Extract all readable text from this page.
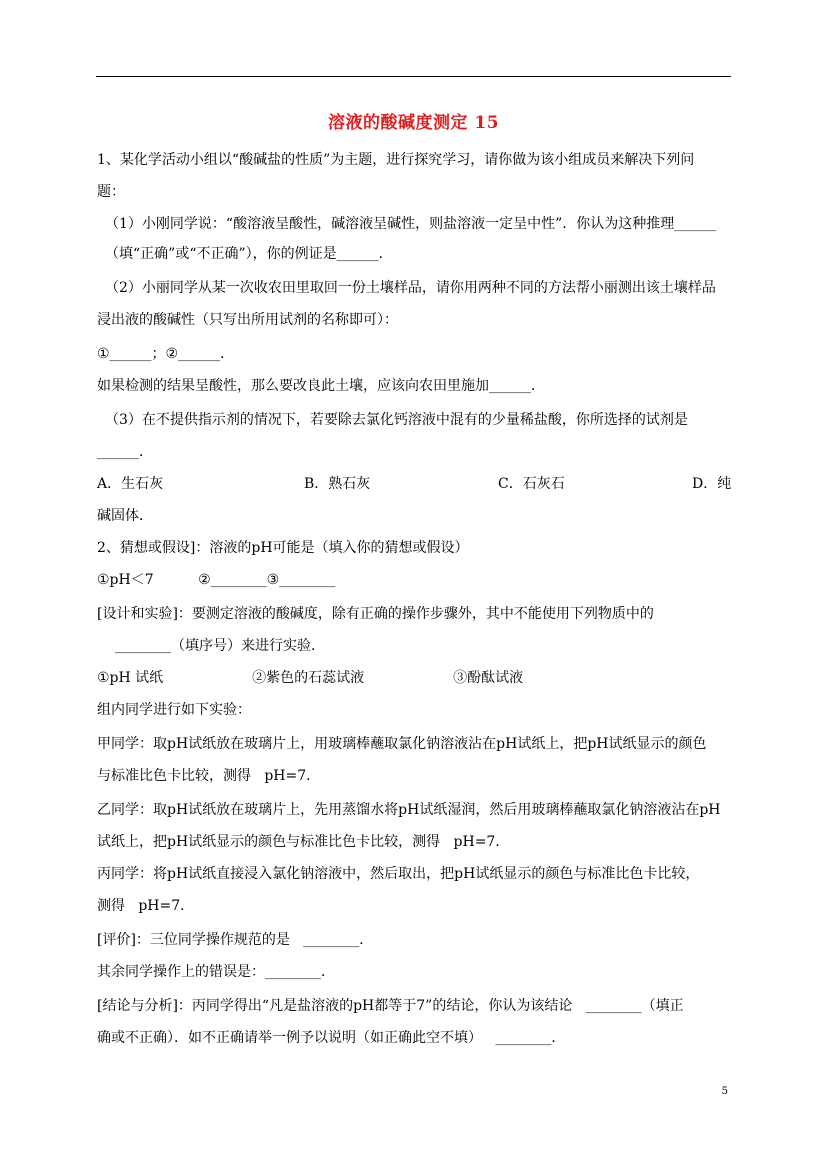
溶液的酸碱度测定 15
1、某化学活动小组以“酸碱盐的性质”为主题，进行探究学习，请你做为该小组成员来解决下列问
题：
（1）小刚同学说：“酸溶液呈酸性，碱溶液呈碱性，则盐溶液一定呈中性”．你认为这种推理______
（填“正确”或“不正确”），你的例证是______．
（2）小丽同学从某一次收农田里取回一份土壤样品，请你用两种不同的方法帮小丽测出该土壤样品
浸出液的酸碱性（只写出所用试剂的名称即可）：
①______；②______．
如果检测的结果呈酸性，那么要改良此土壤，应该向农田里施加______．
（3）在不提供指示剂的情况下，若要除去氯化钙溶液中混有的少量稀盐酸，你所选择的试剂是
______．
A．生石灰	B．熟石灰	C．石灰石	D．纯
碱固体．
2、猜想或假设]：溶液的pH可能是（填入你的猜想或假设）
①pH＜7          ②________③________
[设计和实验]：要测定溶液的酸碱度，除有正确的操作步骤外，其中不能使用下列物质中的
________（填序号）来进行实验．
①pH 试纸                    ②紫色的石蕊试液                    ③酚酞试液
组内同学进行如下实验：
甲同学：取pH试纸放在玻璃片上，用玻璃棒蘸取氯化钠溶液沾在pH试纸上，把pH试纸显示的颜色
与标准比色卡比较，测得   pH=7．
乙同学：取pH试纸放在玻璃片上，先用蒸馏水将pH试纸湿润，然后用玻璃棒蘸取氯化钠溶液沾在pH
试纸上，把pH试纸显示的颜色与标准比色卡比较，测得   pH=7．
丙同学：将pH试纸直接浸入氯化钠溶液中，然后取出，把pH试纸显示的颜色与标准比色卡比较，
测得   pH=7．
[评价]：三位同学操作规范的是   ________．
其余同学操作上的错误是：________．
[结论与分析]：丙同学得出“凡是盐溶液的pH都等于7”的结论，你认为该结论   ________（填正
确或不正确）．如不正确请举一例予以说明（如正确此空不填）   ________．
5
